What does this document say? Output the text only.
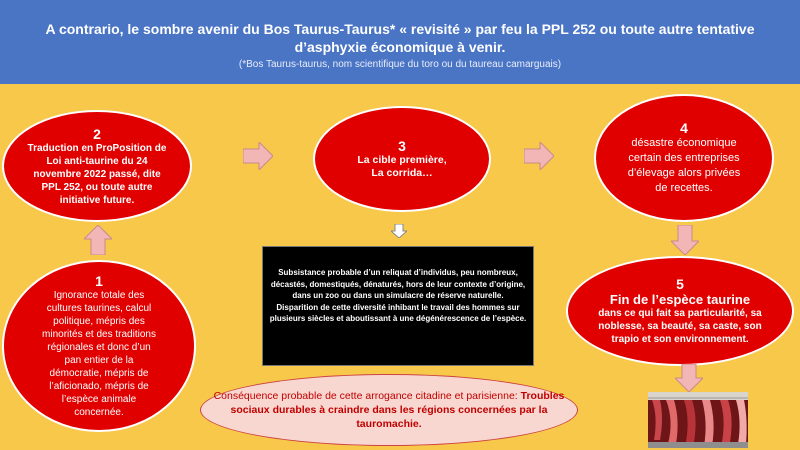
A contrario, le sombre avenir du Bos Taurus-Taurus* « revisité » par feu la PPL 252 ou toute autre tentative d’asphyxie économique à venir.
(*Bos Taurus-taurus, nom scientifique du toro ou du taureau camarguais)
2
Traduction en ProPosition de Loi anti-taurine du 24 novembre 2022 passé, dite PPL 252, ou toute autre initiative future.
3
La cible première, La corrida…
4
désastre économique certain des entreprises d’élevage alors privées de recettes.
1
Ignorance totale des cultures taurines, calcul politique, mépris des minorités et des traditions régionales et donc d’un pan entier de la démocratie, mépris de l’aficionado, mépris de l’espèce animale concernée.
5
Fin de l’espèce taurine
dans ce qui fait sa particularité, sa noblesse, sa beauté, sa caste, son trapio et son environnement.
Subsistance probable d’un reliquat d’individus, peu nombreux, décastés, domestiqués, dénaturés, hors de leur contexte d’origine, dans un zoo ou dans un simulacre de réserve naturelle.
Disparition de cette diversité inhibant le travail des hommes sur plusieurs siècles et aboutissant à une dégénérescence de l’espèce.
Conséquence probable de cette arrogance citadine et parisienne: Troubles sociaux durables à craindre dans les régions concernées par la tauromachie.
